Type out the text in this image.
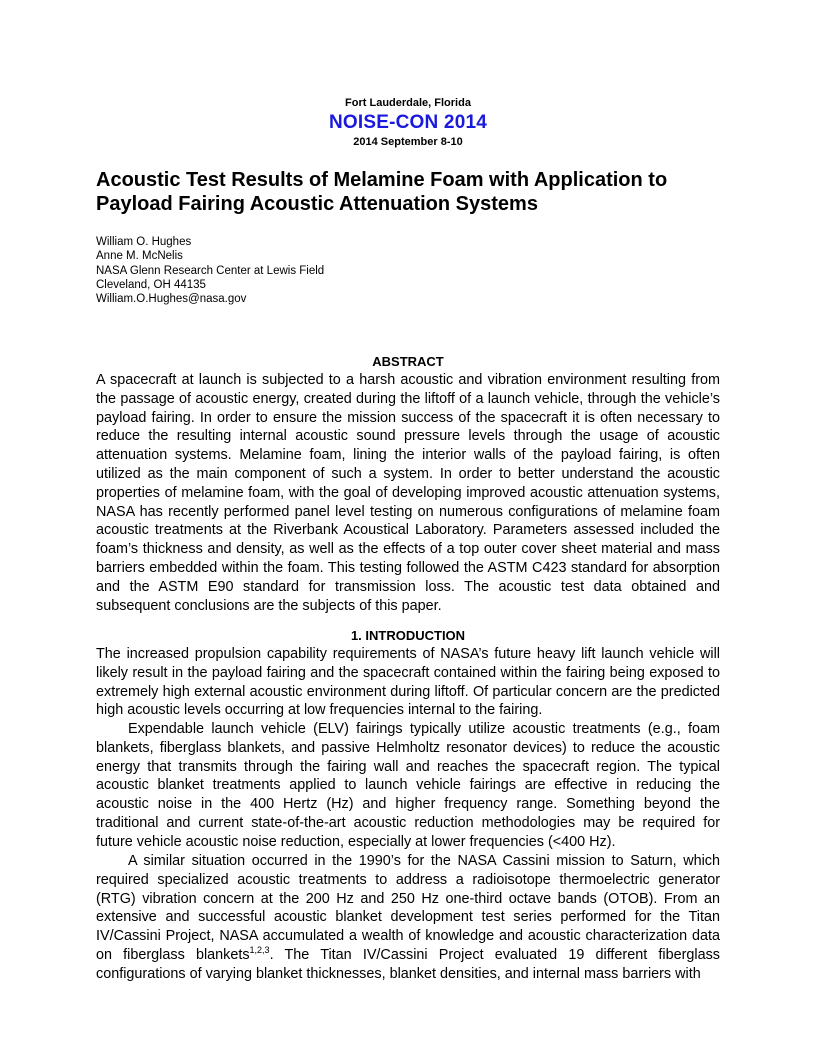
Fort Lauderdale, Florida
NOISE-CON 2014
2014 September 8-10
Acoustic Test Results of Melamine Foam with Application to Payload Fairing Acoustic Attenuation Systems
William O. Hughes
Anne M. McNelis
NASA Glenn Research Center at Lewis Field
Cleveland, OH 44135
William.O.Hughes@nasa.gov
ABSTRACT

A spacecraft at launch is subjected to a harsh acoustic and vibration environment resulting from the passage of acoustic energy, created during the liftoff of a launch vehicle, through the vehicle’s payload fairing. In order to ensure the mission success of the spacecraft it is often necessary to reduce the resulting internal acoustic sound pressure levels through the usage of acoustic attenuation systems. Melamine foam, lining the interior walls of the payload fairing, is often utilized as the main component of such a system. In order to better understand the acoustic properties of melamine foam, with the goal of developing improved acoustic attenuation systems, NASA has recently performed panel level testing on numerous configurations of melamine foam acoustic treatments at the Riverbank Acoustical Laboratory. Parameters assessed included the foam’s thickness and density, as well as the effects of a top outer cover sheet material and mass barriers embedded within the foam. This testing followed the ASTM C423 standard for absorption and the ASTM E90 standard for transmission loss. The acoustic test data obtained and subsequent conclusions are the subjects of this paper.

1. INTRODUCTION

The increased propulsion capability requirements of NASA’s future heavy lift launch vehicle will likely result in the payload fairing and the spacecraft contained within the fairing being exposed to extremely high external acoustic environment during liftoff. Of particular concern are the predicted high acoustic levels occurring at low frequencies internal to the fairing.

Expendable launch vehicle (ELV) fairings typically utilize acoustic treatments (e.g., foam blankets, fiberglass blankets, and passive Helmholtz resonator devices) to reduce the acoustic energy that transmits through the fairing wall and reaches the spacecraft region. The typical acoustic blanket treatments applied to launch vehicle fairings are effective in reducing the acoustic noise in the 400 Hertz (Hz) and higher frequency range. Something beyond the traditional and current state-of-the-art acoustic reduction methodologies may be required for future vehicle acoustic noise reduction, especially at lower frequencies (<400 Hz).

A similar situation occurred in the 1990’s for the NASA Cassini mission to Saturn, which required specialized acoustic treatments to address a radioisotope thermoelectric generator (RTG) vibration concern at the 200 Hz and 250 Hz one-third octave bands (OTOB). From an extensive and successful acoustic blanket development test series performed for the Titan IV/Cassini Project, NASA accumulated a wealth of knowledge and acoustic characterization data on fiberglass blankets$^{1,2,3}$. The Titan IV/Cassini Project evaluated 19 different fiberglass configurations of varying blanket thicknesses, blanket densities, and internal mass barriers with
